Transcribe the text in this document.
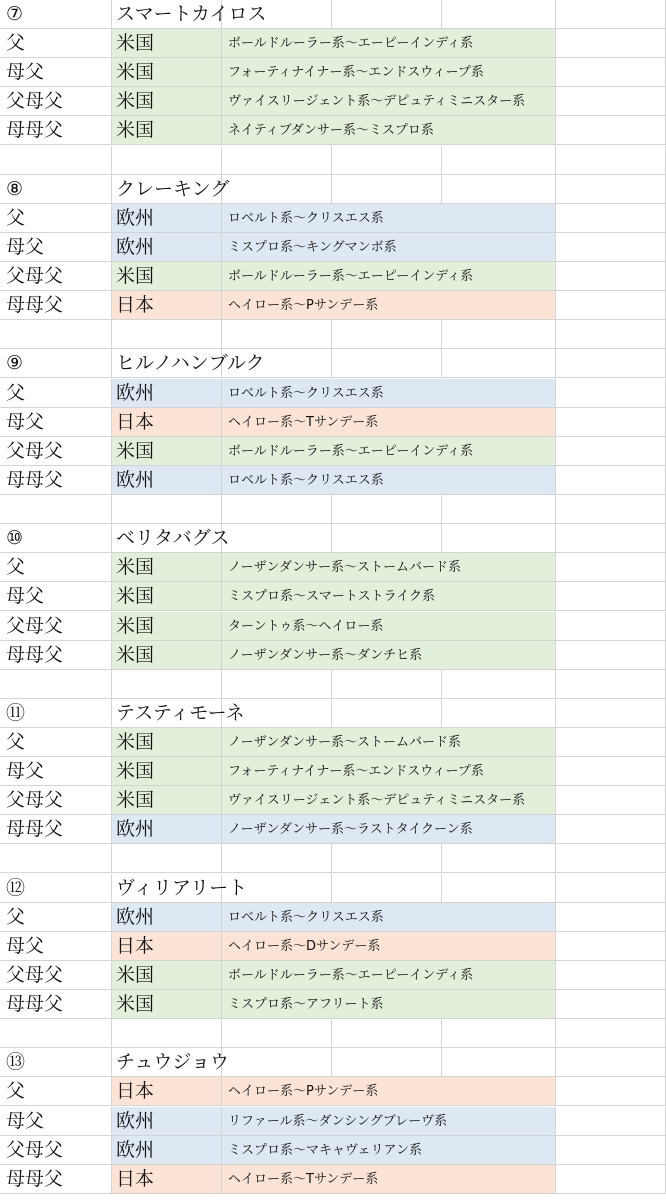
⑦	スマートカイロス
父	米国	ボールドルーラー系～エーピーインディ系
母父	米国	フォーティナイナー系～エンドスウィープ系
父母父	米国	ヴァイスリージェント系～デピュティミニスター系
母母父	米国	ネイティブダンサー系～ミスプロ系
⑧	クレーキング
父	欧州	ロベルト系～クリスエス系
母父	欧州	ミスプロ系～キングマンボ系
父母父	米国	ボールドルーラー系～エーピーインディ系
母母父	日本	ヘイロー系～Pサンデー系
⑨	ヒルノハンブルク
父	欧州	ロベルト系～クリスエス系
母父	日本	ヘイロー系～Tサンデー系
父母父	米国	ボールドルーラー系～エーピーインディ系
母母父	欧州	ロベルト系～クリスエス系
⑩	ベリタバグス
父	米国	ノーザンダンサー系～ストームバード系
母父	米国	ミスプロ系～スマートストライク系
父母父	米国	ターントゥ系～ヘイロー系
母母父	米国	ノーザンダンサー系～ダンチヒ系
⑪	テスティモーネ
父	米国	ノーザンダンサー系～ストームバード系
母父	米国	フォーティナイナー系～エンドスウィープ系
父母父	米国	ヴァイスリージェント系～デピュティミニスター系
母母父	欧州	ノーザンダンサー系～ラストタイクーン系
⑫	ヴィリアリート
父	欧州	ロベルト系～クリスエス系
母父	日本	ヘイロー系～Dサンデー系
父母父	米国	ボールドルーラー系～エーピーインディ系
母母父	米国	ミスプロ系～アフリート系
⑬	チュウジョウ
父	日本	ヘイロー系～Pサンデー系
母父	欧州	リファール系～ダンシングブレーヴ系
父母父	欧州	ミスプロ系～マキャヴェリアン系
母母父	日本	ヘイロー系～Tサンデー系
